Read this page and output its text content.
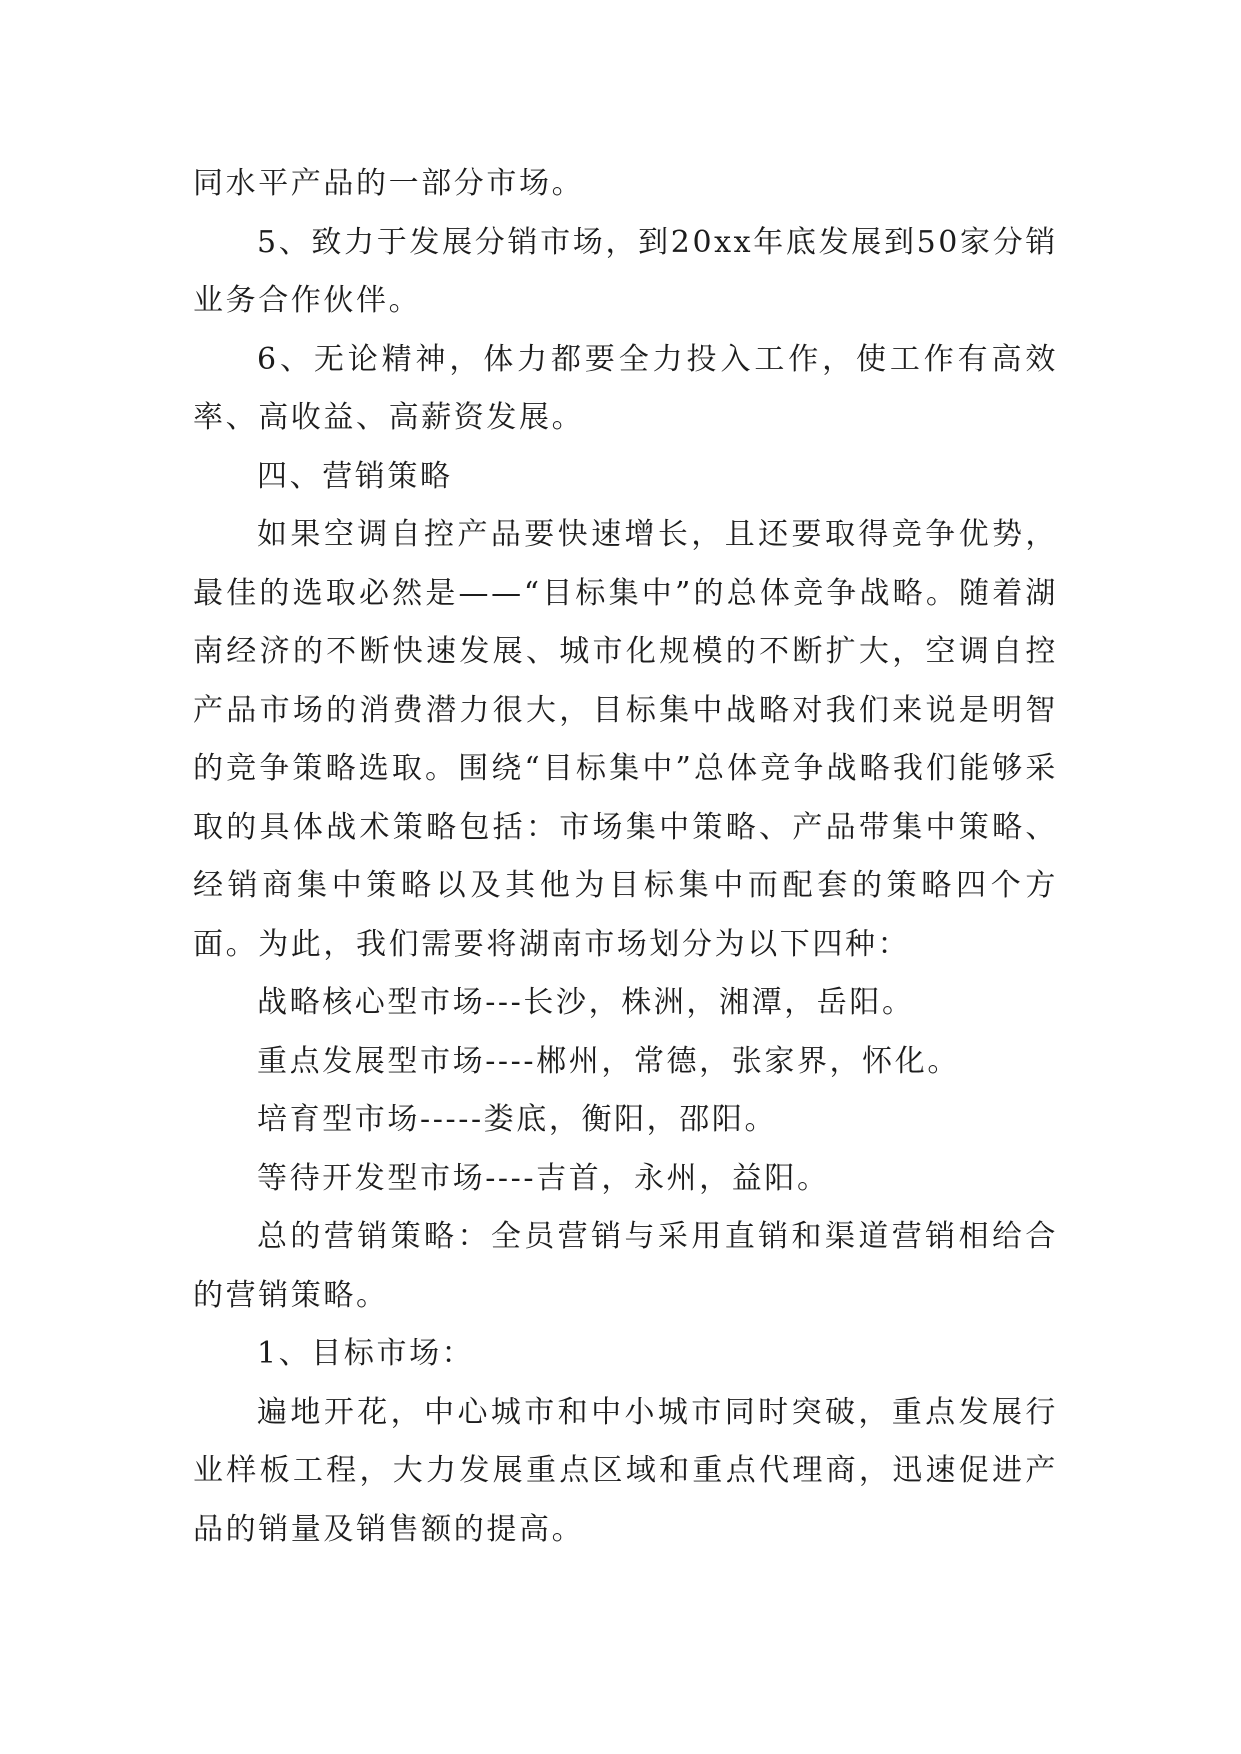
同水平产品的一部分市场。

5、致力于发展分销市场，到20xx年底发展到50家分销业务合作伙伴。

6、无论精神，体力都要全力投入工作，使工作有高效率、高收益、高薪资发展。

四、营销策略

如果空调自控产品要快速增长，且还要取得竞争优势，最佳的选取必然是——“目标集中”的总体竞争战略。随着湖南经济的不断快速发展、城市化规模的不断扩大，空调自控产品市场的消费潜力很大，目标集中战略对我们来说是明智的竞争策略选取。围绕“目标集中”总体竞争战略我们能够采取的具体战术策略包括：市场集中策略、产品带集中策略、经销商集中策略以及其他为目标集中而配套的策略四个方面。为此，我们需要将湖南市场划分为以下四种：

战略核心型市场---长沙，株洲，湘潭，岳阳。

重点发展型市场----郴州，常德，张家界，怀化。

培育型市场-----娄底，衡阳，邵阳。

等待开发型市场----吉首，永州，益阳。

总的营销策略：全员营销与采用直销和渠道营销相给合的营销策略。

1、目标市场：

遍地开花，中心城市和中小城市同时突破，重点发展行业样板工程，大力发展重点区域和重点代理商，迅速促进产品的销量及销售额的提高。
